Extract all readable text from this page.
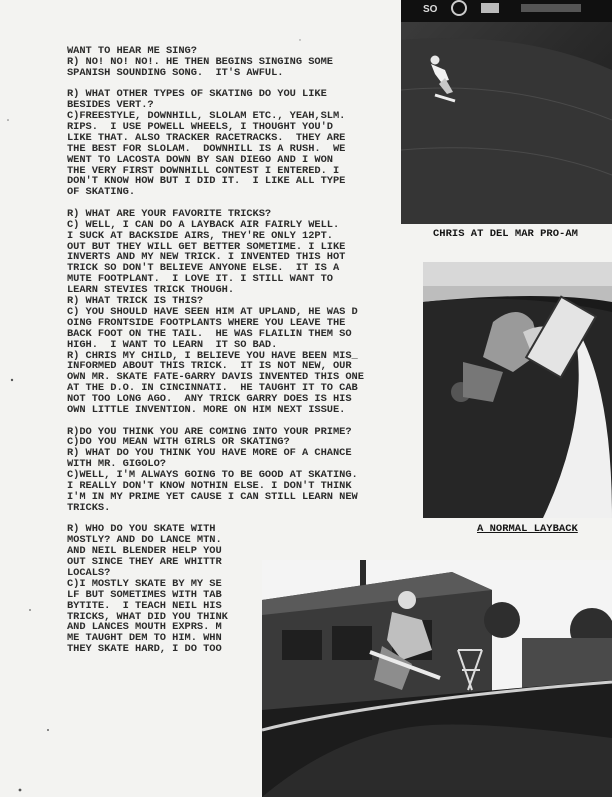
WANT TO HEAR ME SING?
R) NO! NO! NO!. HE THEN BEGINS SINGING SOME
SPANISH SOUNDING SONG.  IT'S AWFUL.
R) WHAT OTHER TYPES OF SKATING DO YOU LIKE
BESIDES VERT.?
C)FREESTYLE, DOWNHILL, SLOLAM ETC., YEAH,SLM.
RIPS.  I USE POWELL WHEELS, I THOUGHT YOU'D
LIKE THAT. ALSO TRACKER RACETRACKS.  THEY ARE
THE BEST FOR SLOLAM.  DOWNHILL IS A RUSH.  WE
WENT TO LACOSTA DOWN BY SAN DIEGO AND I WON
THE VERY FIRST DOWNHILL CONTEST I ENTERED. I
DON'T KNOW HOW BUT I DID IT.  I LIKE ALL TYPE
OF SKATING.
R) WHAT ARE YOUR FAVORITE TRICKS?
C) WELL, I CAN DO A LAYBACK AIR FAIRLY WELL.
I SUCK AT BACKSIDE AIRS, THEY'RE ONLY 12PT.
OUT BUT THEY WILL GET BETTER SOMETIME. I LIKE
INVERTS AND MY NEW TRICK. I INVENTED THIS HOT
TRICK SO DON'T BELIEVE ANYONE ELSE.  IT IS A
MUTE FOOTPLANT.  I LOVE IT. I STILL WANT TO
LEARN STEVIES TRICK THOUGH.
R) WHAT TRICK IS THIS?
C) YOU SHOULD HAVE SEEN HIM AT UPLAND, HE WAS D
OING FRONTSIDE FOOTPLANTS WHERE YOU LEAVE THE
BACK FOOT ON THE TAIL.  HE WAS FLAILIN THEM SO
HIGH.  I WANT TO LEARN  IT SO BAD.
R) CHRIS MY CHILD, I BELIEVE YOU HAVE BEEN MIS_
INFORMED ABOUT THIS TRICK.  IT IS NOT NEW, OUR
OWN MR. SKATE FATE-GARRY DAVIS INVENTED THIS ONE
AT THE D.O. IN CINCINNATI.  HE TAUGHT IT TO CAB
NOT TOO LONG AGO.  ANY TRICK GARRY DOES IS HIS
OWN LITTLE INVENTION. MORE ON HIM NEXT ISSUE.
R)DO YOU THINK YOU ARE COMING INTO YOUR PRIME?
C)DO YOU MEAN WITH GIRLS OR SKATING?
R) WHAT DO YOU THINK YOU HAVE MORE OF A CHANCE
WITH MR. GIGOLO?
C)WELL, I'M ALWAYS GOING TO BE GOOD AT SKATING.
I REALLY DON'T KNOW NOTHIN ELSE. I DON'T THINK
I'M IN MY PRIME YET CAUSE I CAN STILL LEARN NEW
TRICKS.
R) WHO DO YOU SKATE WITH
MOSTLY? AND DO LANCE MTN.
AND NEIL BLENDER HELP YOU
OUT SINCE THEY ARE WHITTR
LOCALS?
C)I MOSTLY SKATE BY MY SE
LF BUT SOMETIMES WITH TAB
BYTITE.  I TEACH NEIL HIS
TRICKS, WHAT DID YOU THINK
AND LANCES MOUTH EXPRS. M
ME TAUGHT DEM TO HIM. WHN
THEY SKATE HARD, I DO TOO
SO
CHRIS AT DEL MAR PRO-AM
A NORMAL LAYBACK
